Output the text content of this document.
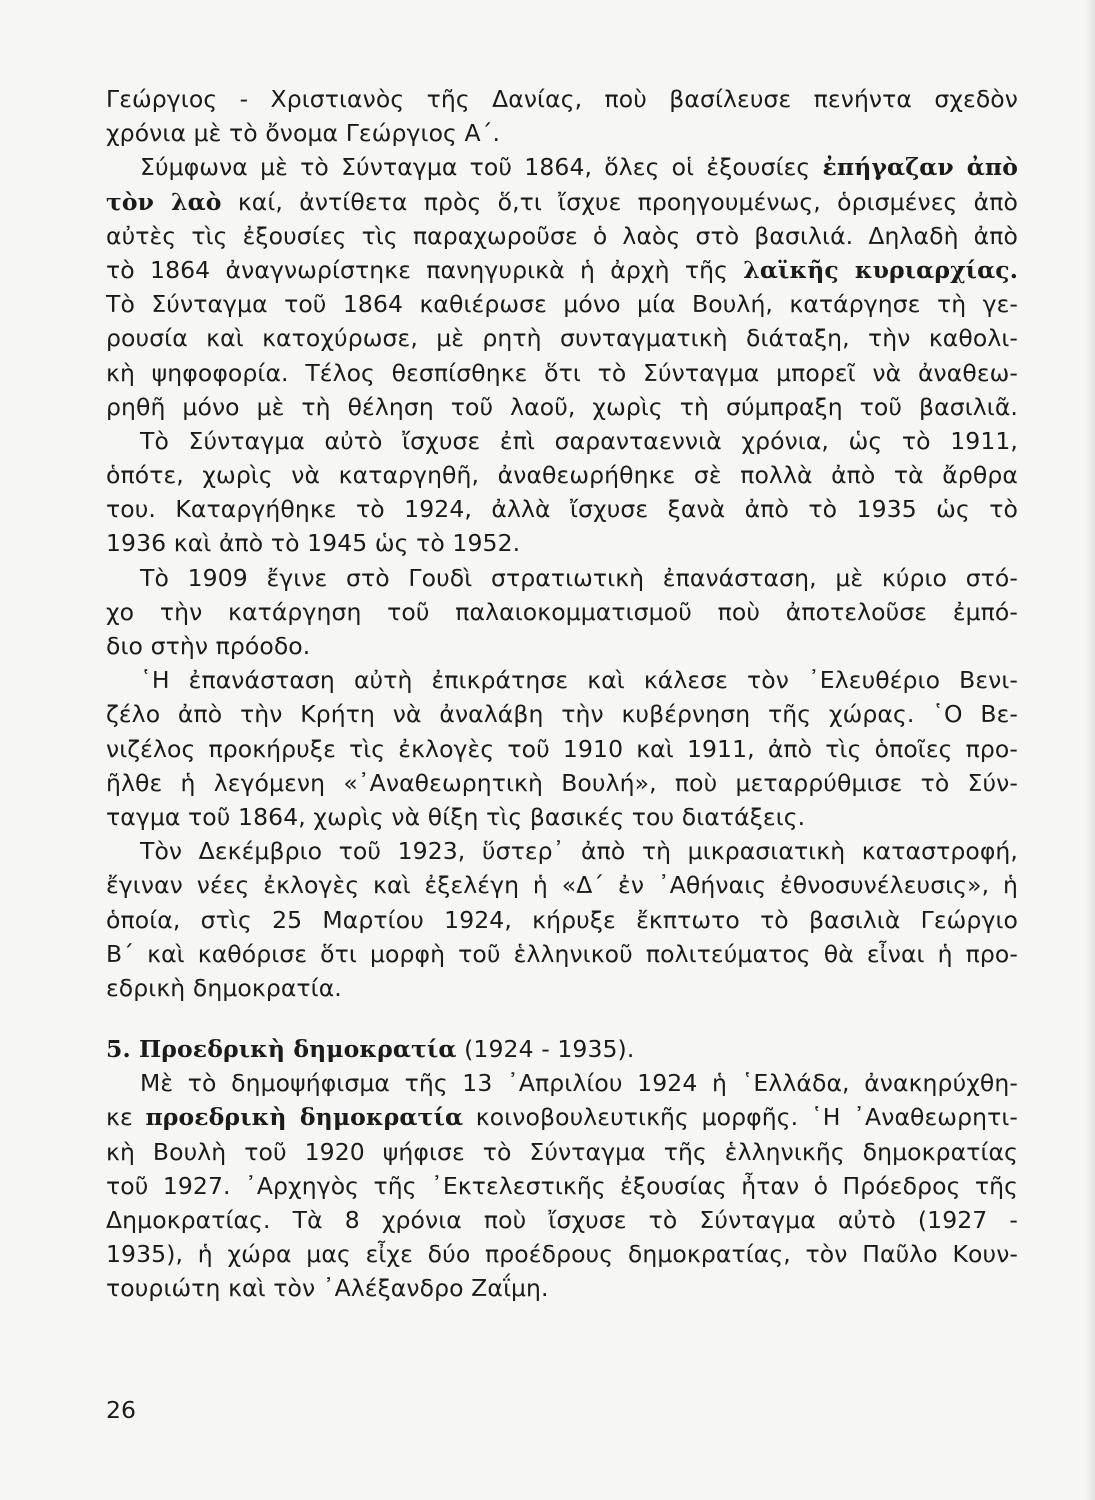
Γεώργιος - Χριστιανὸς τῆς Δανίας, ποὺ βασίλευσε πενήντα σχεδὸν
χρόνια μὲ τὸ ὄνομα Γεώργιος Α΄.
Σύμφωνα μὲ τὸ Σύνταγμα τοῦ 1864, ὅλες οἱ ἐξουσίες ἐπήγαζαν ἀπὸ
τὸν λαὸ καί, ἀντίθετα πρὸς ὅ,τι ἴσχυε προηγουμένως, ὁρισμένες ἀπὸ
αὐτὲς τὶς ἐξουσίες τὶς παραχωροῦσε ὁ λαὸς στὸ βασιλιά. Δηλαδὴ ἀπὸ
τὸ 1864 ἀναγνωρίστηκε πανηγυρικὰ ἡ ἀρχὴ τῆς λαϊκῆς κυριαρχίας.
Τὸ Σύνταγμα τοῦ 1864 καθιέρωσε μόνο μία Βουλή, κατάργησε τὴ γε-
ρουσία καὶ κατοχύρωσε, μὲ ρητὴ συνταγματικὴ διάταξη, τὴν καθολι-
κὴ ψηφοφορία. Τέλος θεσπίσθηκε ὅτι τὸ Σύνταγμα μπορεῖ νὰ ἀναθεω-
ρηθῆ μόνο μὲ τὴ θέληση τοῦ λαοῦ, χωρὶς τὴ σύμπραξη τοῦ βασιλιᾶ.
Τὸ Σύνταγμα αὐτὸ ἴσχυσε ἐπὶ σαρανταεννιὰ χρόνια, ὡς τὸ 1911,
ὁπότε, χωρὶς νὰ καταργηθῆ, ἀναθεωρήθηκε σὲ πολλὰ ἀπὸ τὰ ἄρθρα
του. Καταργήθηκε τὸ 1924, ἀλλὰ ἴσχυσε ξανὰ ἀπὸ τὸ 1935 ὡς τὸ
1936 καὶ ἀπὸ τὸ 1945 ὡς τὸ 1952.
Τὸ 1909 ἔγινε στὸ Γουδὶ στρατιωτικὴ ἐπανάσταση, μὲ κύριο στό-
χο τὴν κατάργηση τοῦ παλαιοκομματισμοῦ ποὺ ἀποτελοῦσε ἐμπό-
διο στὴν πρόοδο.
῾Η ἐπανάσταση αὐτὴ ἐπικράτησε καὶ κάλεσε τὸν ᾿Ελευθέριο Βενι-
ζέλο ἀπὸ τὴν Κρήτη νὰ ἀναλάβη τὴν κυβέρνηση τῆς χώρας. ῾Ο Βε-
νιζέλος προκήρυξε τὶς ἐκλογὲς τοῦ 1910 καὶ 1911, ἀπὸ τὶς ὁποῖες προ-
ῆλθε ἡ λεγόμενη «᾿Αναθεωρητικὴ Βουλή», ποὺ μεταρρύθμισε τὸ Σύν-
ταγμα τοῦ 1864, χωρὶς νὰ θίξη τὶς βασικές του διατάξεις.
Τὸν Δεκέμβριο τοῦ 1923, ὕστερ᾿ ἀπὸ τὴ μικρασιατικὴ καταστροφή,
ἔγιναν νέες ἐκλογὲς καὶ ἐξελέγη ἡ «Δ΄ ἐν ᾿Αθήναις ἐθνοσυνέλευσις», ἡ
ὁποία, στὶς 25 Μαρτίου 1924, κήρυξε ἔκπτωτο τὸ βασιλιὰ Γεώργιο
Β΄ καὶ καθόρισε ὅτι μορφὴ τοῦ ἑλληνικοῦ πολιτεύματος θὰ εἶναι ἡ προ-
εδρικὴ δημοκρατία.
5. Προεδρικὴ δημοκρατία (1924 - 1935).
Μὲ τὸ δημοψήφισμα τῆς 13 ᾿Απριλίου 1924 ἡ ῾Ελλάδα, ἀνακηρύχθη-
κε προεδρικὴ δημοκρατία κοινοβουλευτικῆς μορφῆς. ῾Η ᾿Αναθεωρητι-
κὴ Βουλὴ τοῦ 1920 ψήφισε τὸ Σύνταγμα τῆς ἑλληνικῆς δημοκρατίας
τοῦ 1927. ᾿Αρχηγὸς τῆς ᾿Εκτελεστικῆς ἐξουσίας ἦταν ὁ Πρόεδρος τῆς
Δημοκρατίας. Τὰ 8 χρόνια ποὺ ἴσχυσε τὸ Σύνταγμα αὐτὸ (1927 -
1935), ἡ χώρα μας εἶχε δύο προέδρους δημοκρατίας, τὸν Παῦλο Κουν-
τουριώτη καὶ τὸν ᾿Αλέξανδρο Ζαΐμη.
26
